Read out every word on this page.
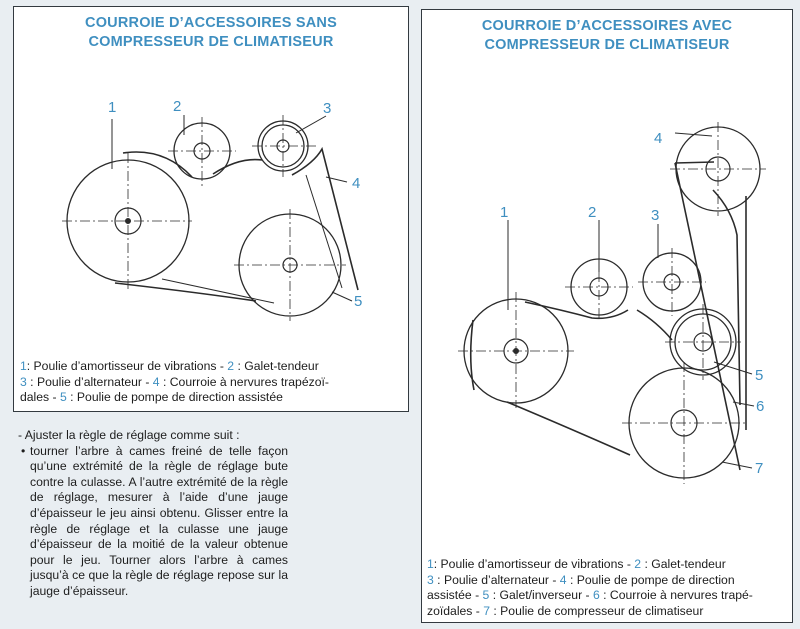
COURROIE D’ACCESSOIRES SANS
COMPRESSEUR DE CLIMATISEUR
1	2	3
4
5
1: Poulie d’amortisseur de vibrations - 2 : Galet-tendeur
3 : Poulie d’alternateur - 4 : Courroie à nervures trapézoï-
dales - 5 : Poulie de pompe de direction assistée

- Ajuster la règle de réglage comme suit :

• tourner l’arbre à cames freiné de telle façon qu’une extrémité de la règle de réglage bute contre la culasse. A l’autre extrémité de la règle de réglage, mesurer à l’aide d’une jauge d’épaisseur le jeu ainsi obtenu. Glisser entre la règle de réglage et la culasse une jauge d’épaisseur de la moitié de la valeur obtenue pour le jeu. Tourner alors l’arbre à cames jusqu’à ce que la règle de réglage repose sur la jauge d’épaisseur.

COURROIE D’ACCESSOIRES AVEC
COMPRESSEUR DE CLIMATISEUR
1	2	3
4
5
6
7
1: Poulie d’amortisseur de vibrations - 2 : Galet-tendeur
3 : Poulie d’alternateur - 4 : Poulie de pompe de direction
assistée - 5 : Galet/inverseur - 6 : Courroie à nervures trapé-
zoïdales - 7 : Poulie de compresseur de climatiseur
